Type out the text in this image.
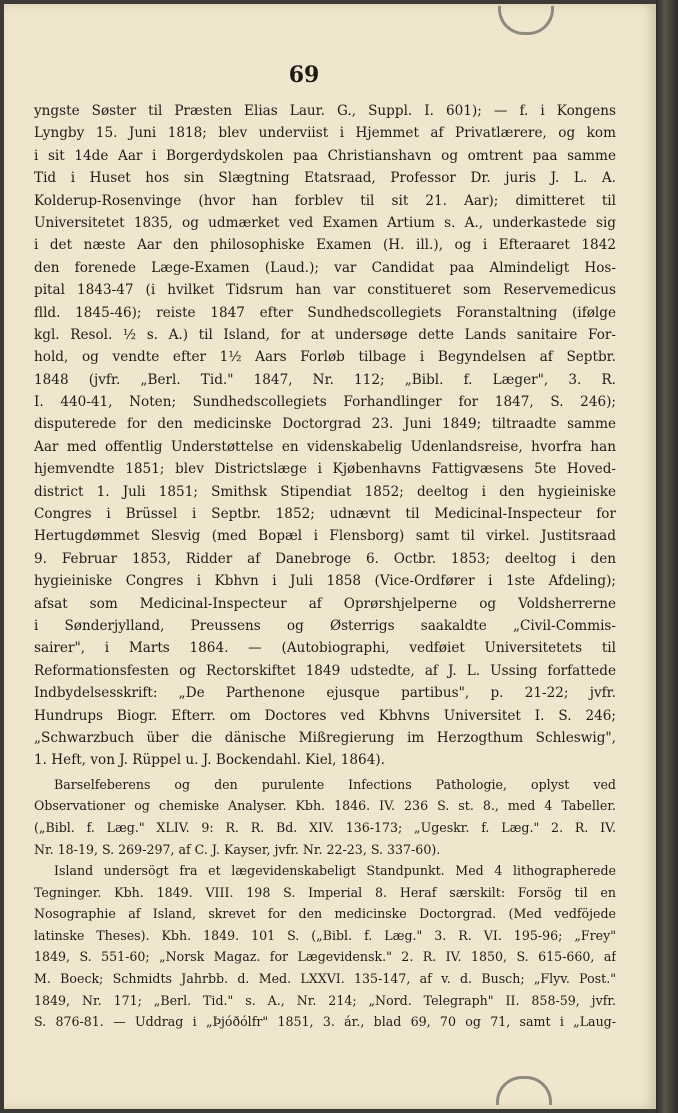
69
yngste Søster til Præsten Elias Laur. G., Suppl. I. 601); — f. i Kongens
Lyngby 15. Juni 1818; blev underviist i Hjemmet af Privatlærere, og kom
i sit 14de Aar i Borgerdydskolen paa Christianshavn og omtrent paa samme
Tid i Huset hos sin Slægtning Etatsraad, Professor Dr. juris J. L. A.
Kolderup-Rosenvinge (hvor han forblev til sit 21. Aar); dimitteret til
Universitetet 1835, og udmærket ved Examen Artium s. A., underkastede sig
i det næste Aar den philosophiske Examen (H. ill.), og i Efteraaret 1842
den forenede Læge-Examen (Laud.); var Candidat paa Almindeligt Hos-
pital 1843-47 (i hvilket Tidsrum han var constitueret som Reservemedicus
flld. 1845-46); reiste 1847 efter Sundhedscollegiets Foranstaltning (ifølge
kgl. Resol. ½ s. A.) til Island, for at undersøge dette Lands sanitaire For-
hold, og vendte efter 1½ Aars Forløb tilbage i Begyndelsen af Septbr.
1848 (jvfr. „Berl. Tid." 1847, Nr. 112; „Bibl. f. Læger", 3. R.
I. 440-41, Noten; Sundhedscollegiets Forhandlinger for 1847, S. 246);
disputerede for den medicinske Doctorgrad 23. Juni 1849; tiltraadte samme
Aar med offentlig Understøttelse en videnskabelig Udenlandsreise, hvorfra han
hjemvendte 1851; blev Districtslæge i Kjøbenhavns Fattigvæsens 5te Hoved-
district 1. Juli 1851; Smithsk Stipendiat 1852; deeltog i den hygieiniske
Congres i Brüssel i Septbr. 1852; udnævnt til Medicinal-Inspecteur for
Hertugdømmet Slesvig (med Bopæl i Flensborg) samt til virkel. Justitsraad
9. Februar 1853, Ridder af Danebroge 6. Octbr. 1853; deeltog i den
hygieiniske Congres i Kbhvn i Juli 1858 (Vice-Ordfører i 1ste Afdeling);
afsat som Medicinal-Inspecteur af Oprørshjelperne og Voldsherrerne
i Sønderjylland, Preussens og Østerrigs saakaldte „Civil-Commis-
sairer", i Marts 1864. — (Autobiographi, vedføiet Universitetets til
Reformationsfesten og Rectorskiftet 1849 udstedte, af J. L. Ussing forfattede
Indbydelsesskrift: „De Parthenone ejusque partibus", p. 21-22; jvfr.
Hundrups Biogr. Efterr. om Doctores ved Kbhvns Universitet I. S. 246;
„Schwarzbuch über die dänische Mißregierung im Herzogthum Schleswig",
1. Heft, von J. Rüppel u. J. Bockendahl. Kiel, 1864).
Barselfeberens og den purulente Infections Pathologie, oplyst ved
Observationer og chemiske Analyser. Kbh. 1846. IV. 236 S. st. 8., med 4 Tabeller.
(„Bibl. f. Læg." XLIV. 9: R. R. Bd. XIV. 136-173; „Ugeskr. f. Læg." 2. R. IV.
Nr. 18-19, S. 269-297, af C. J. Kayser, jvfr. Nr. 22-23, S. 337-60).
Island undersögt fra et lægevidenskabeligt Standpunkt. Med 4 lithographerede
Tegninger. Kbh. 1849. VIII. 198 S. Imperial 8. Heraf særskilt: Forsög til en
Nosographie af Island, skrevet for den medicinske Doctorgrad. (Med vedföjede
latinske Theses). Kbh. 1849. 101 S. („Bibl. f. Læg." 3. R. VI. 195-96; „Frey"
1849, S. 551-60; „Norsk Magaz. for Lægevidensk." 2. R. IV. 1850, S. 615-660, af
M. Boeck; Schmidts Jahrbb. d. Med. LXXVI. 135-147, af v. d. Busch; „Flyv. Post."
1849, Nr. 171; „Berl. Tid." s. A., Nr. 214; „Nord. Telegraph" II. 858-59, jvfr.
S. 876-81. — Uddrag i „Þjóðólfr" 1851, 3. ár., blad 69, 70 og 71, samt i „Laug-
